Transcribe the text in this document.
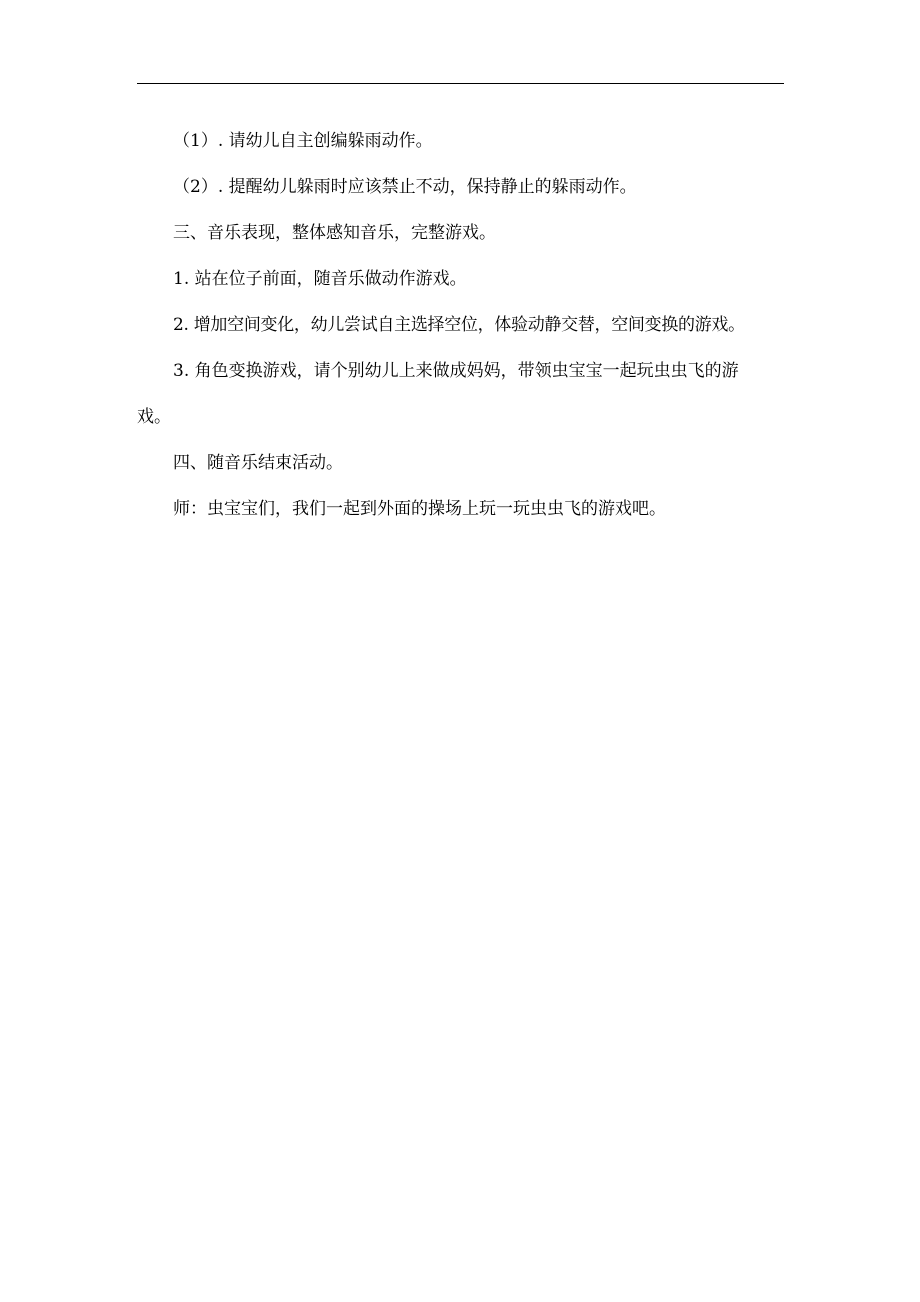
（1）. 请幼儿自主创编躲雨动作。

（2）. 提醒幼儿躲雨时应该禁止不动，保持静止的躲雨动作。

三、音乐表现，整体感知音乐，完整游戏。

1. 站在位子前面，随音乐做动作游戏。

2. 增加空间变化，幼儿尝试自主选择空位，体验动静交替，空间变换的游戏。

3. 角色变换游戏，请个别幼儿上来做成妈妈，带领虫宝宝一起玩虫虫飞的游

戏。

四、随音乐结束活动。

师：虫宝宝们，我们一起到外面的操场上玩一玩虫虫飞的游戏吧。
